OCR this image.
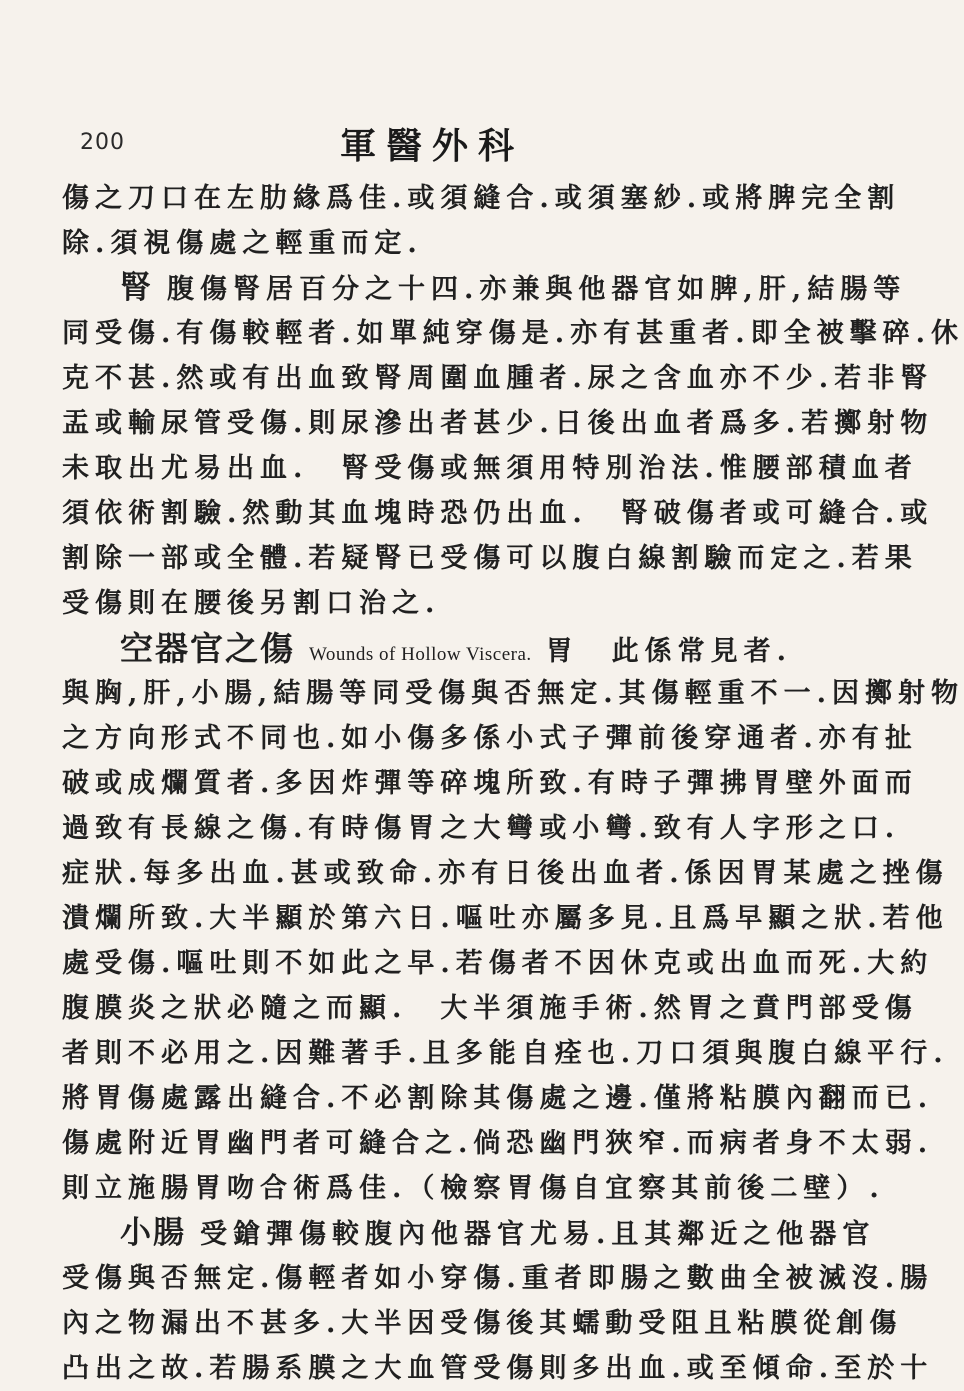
200	軍醫外科
傷之刀口在左肋緣爲佳.或須縫合.或須塞紗.或將脾完全割
除.須視傷處之輕重而定.
腎 腹傷腎居百分之十四.亦兼與他器官如脾,肝,結腸等
同受傷.有傷較輕者.如單純穿傷是.亦有甚重者.即全被擊碎.休
克不甚.然或有出血致腎周圍血腫者.尿之含血亦不少.若非腎
盂或輸尿管受傷.則尿滲出者甚少.日後出血者爲多.若擲射物
未取出尤易出血.　腎受傷或無須用特別治法.惟腰部積血者
須依術割驗.然動其血塊時恐仍出血.　腎破傷者或可縫合.或
割除一部或全體.若疑腎已受傷可以腹白線割驗而定之.若果
受傷則在腰後另割口治之.
空器官之傷 Wounds of Hollow Viscera. 胃　此係常見者.
與胸,肝,小腸,結腸等同受傷與否無定.其傷輕重不一.因擲射物
之方向形式不同也.如小傷多係小式子彈前後穿通者.亦有扯
破或成爛質者.多因炸彈等碎塊所致.有時子彈拂胃壁外面而
過致有長線之傷.有時傷胃之大彎或小彎.致有人字形之口.
症狀.每多出血.甚或致命.亦有日後出血者.係因胃某處之挫傷
潰爛所致.大半顯於第六日.嘔吐亦屬多見.且爲早顯之狀.若他
處受傷.嘔吐則不如此之早.若傷者不因休克或出血而死.大約
腹膜炎之狀必隨之而顯.　大半須施手術.然胃之賁門部受傷
者則不必用之.因難著手.且多能自痊也.刀口須與腹白線平行.
將胃傷處露出縫合.不必割除其傷處之邊.僅將粘膜內翻而已.
傷處附近胃幽門者可縫合之.倘恐幽門狹窄.而病者身不太弱.
則立施腸胃吻合術爲佳.（檢察胃傷自宜察其前後二壁）.
小腸 受鎗彈傷較腹內他器官尤易.且其鄰近之他器官
受傷與否無定.傷輕者如小穿傷.重者即腸之數曲全被滅沒.腸
內之物漏出不甚多.大半因受傷後其蠕動受阻且粘膜從創傷
凸出之故.若腸系膜之大血管受傷則多出血.或至傾命.至於十
